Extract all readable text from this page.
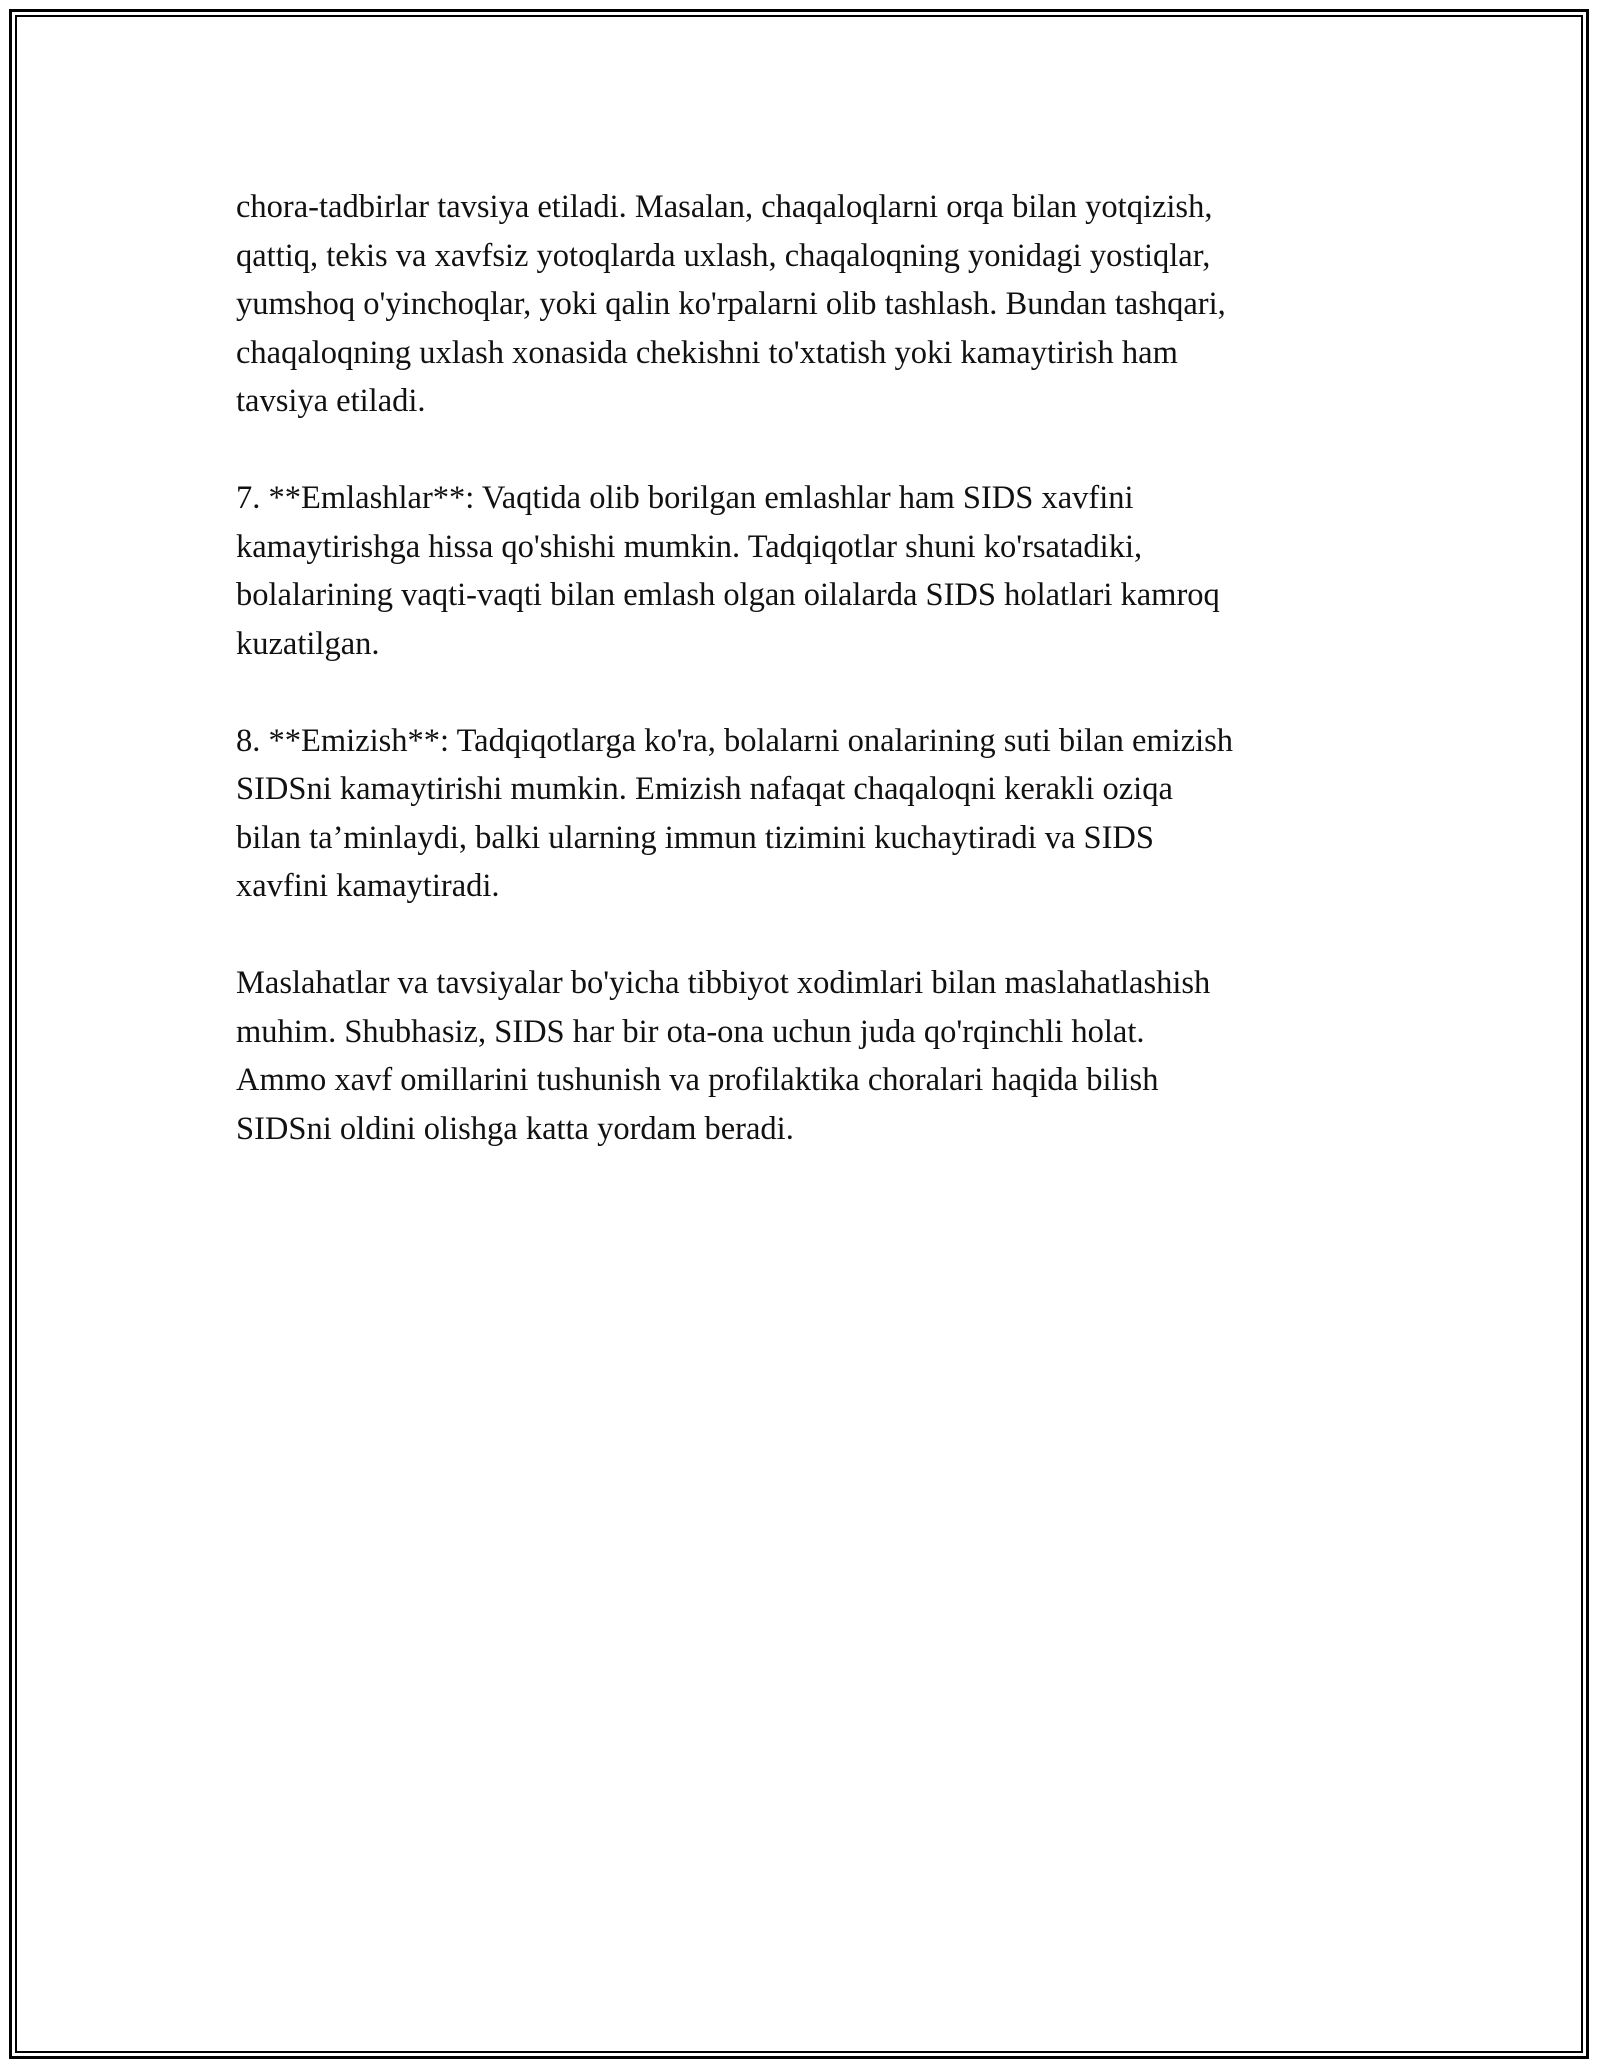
chora-tadbirlar tavsiya etiladi. Masalan, chaqaloqlarni orqa bilan yotqizish,
qattiq, tekis va xavfsiz yotoqlarda uxlash, chaqaloqning yonidagi yostiqlar,
yumshoq o'yinchoqlar, yoki qalin ko'rpalarni olib tashlash. Bundan tashqari,
chaqaloqning uxlash xonasida chekishni to'xtatish yoki kamaytirish ham
tavsiya etiladi.

7. **Emlashlar**: Vaqtida olib borilgan emlashlar ham SIDS xavfini
kamaytirishga hissa qo'shishi mumkin. Tadqiqotlar shuni ko'rsatadiki,
bolalarining vaqti-vaqti bilan emlash olgan oilalarda SIDS holatlari kamroq
kuzatilgan.

8. **Emizish**: Tadqiqotlarga ko'ra, bolalarni onalarining suti bilan emizish
SIDSni kamaytirishi mumkin. Emizish nafaqat chaqaloqni kerakli oziqa
bilan ta’minlaydi, balki ularning immun tizimini kuchaytiradi va SIDS
xavfini kamaytiradi.

Maslahatlar va tavsiyalar bo'yicha tibbiyot xodimlari bilan maslahatlashish
muhim. Shubhasiz, SIDS har bir ota-ona uchun juda qo'rqinchli holat.
Ammo xavf omillarini tushunish va profilaktika choralari haqida bilish
SIDSni oldini olishga katta yordam beradi.
